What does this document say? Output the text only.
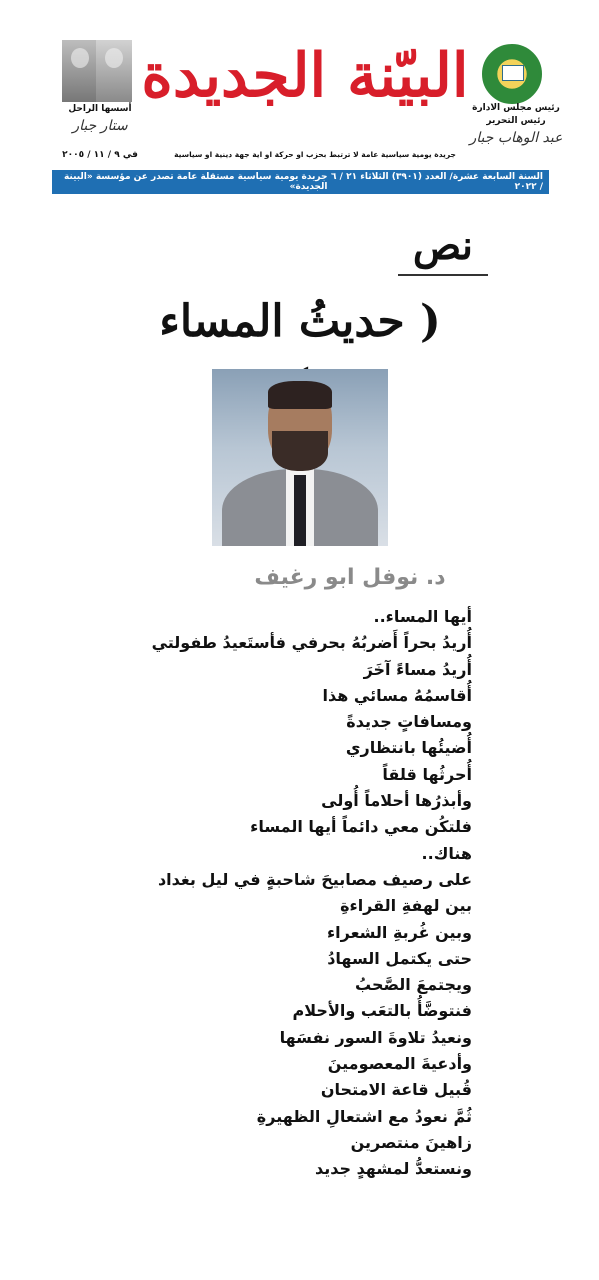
أسسها الراحل
ستار جبار
في ٩ / ١١ / ٢٠٠٥
البيّنة الجديدة
جريدة يومية سياسية عامة لا ترتبط بحزب او حركة او اية جهة دينية او سياسية
رئيس مجلس الادارة رئيس التحرير
عبد الوهاب جبار
السنة السابعة عشرة/ العدد (٣٩٠١) الثلاثاء ٢١ / ٦ / ٢٠٢٢
جريدة يومية سياسية مستقلة عامة تصدر عن مؤسسة «البينة الجديدة»
نص
( حديثُ المساء
د. نوفل ابو رغيف
أيها المساء..
أُريدُ بحراً أَضربُهُ بحرفي فأستَعيدُ طفولتي
أُريدُ مساءً آخَرَ
أُقاسمُهُ مسائي هذا
ومسافاتٍ جديدةً
أُضيئُها بانتظاري
أُحرثُها قلقاً
وأبذرُها أحلاماً أُولى
فلتكُن معي دائماً أيها المساء
هناك..
على رصيف مصابيحَ شاحبةٍ في ليل بغداد
بين لهفةِ القراءةِ
وبين غُربةِ الشعراء
حتى يكتمل السهادُ
ويجتمعَ الصَّحبُ
فنتوضَّأُ بالتعَب والأحلام
ونعيدُ تلاوةَ السور نفسَها
وأدعيةَ المعصومينَ
قُبيل قاعة الامتحان
ثُمَّ نعودُ مع اشتعالِ الظهيرةِ
زاهينَ منتصرين
ونستعدُّ لمشهدٍ جديد
